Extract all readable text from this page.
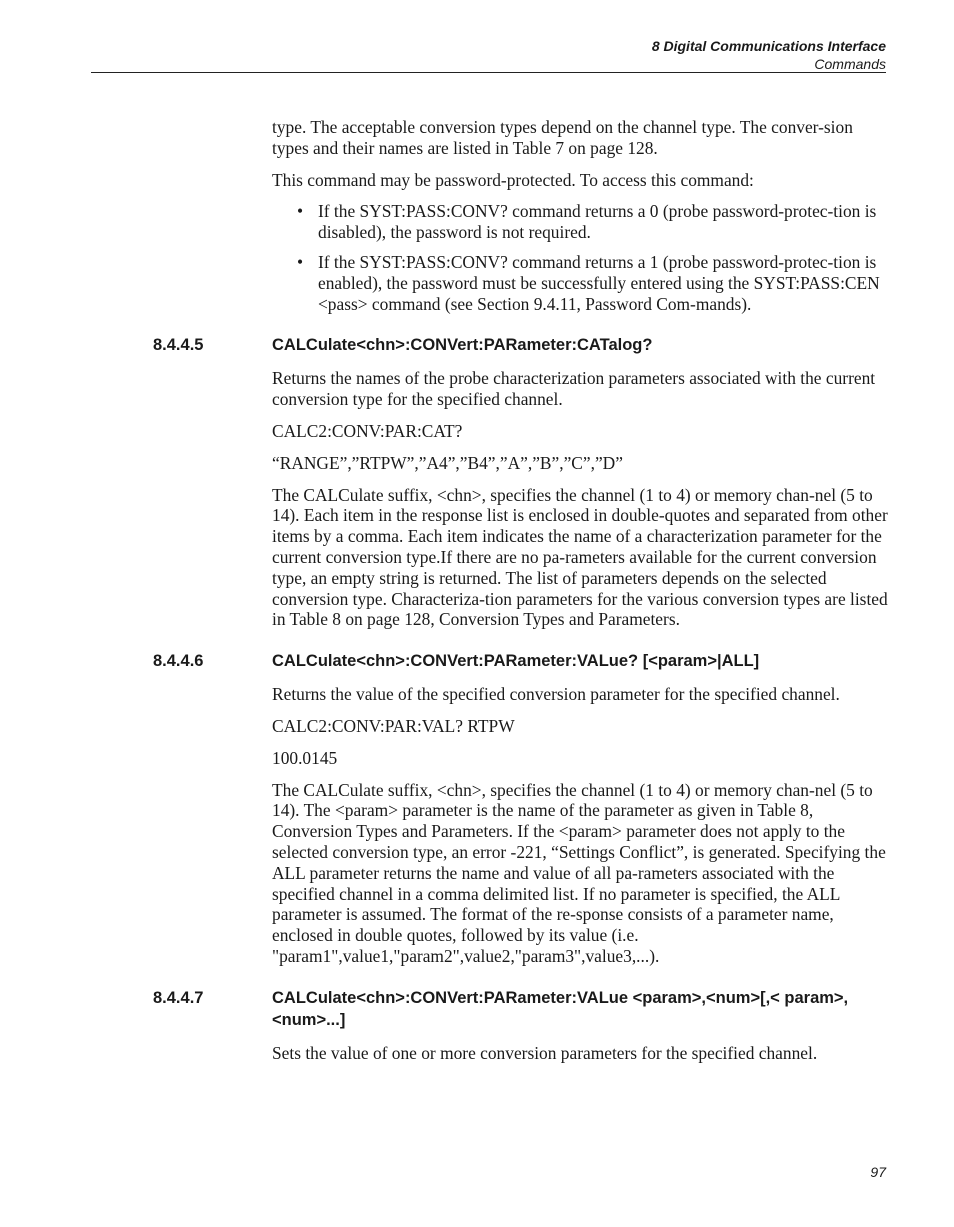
8 Digital Communications Interface
Commands

type. The acceptable conversion types depend on the channel type. The conver-sion types and their names are listed in Table 7 on page 128.

This command may be password-protected. To access this command:

• If the SYST:PASS:CONV? command returns a 0 (probe password-protec-tion is disabled), the password is not required.
• If the SYST:PASS:CONV? command returns a 1 (probe password-protec-tion is enabled), the password must be successfully entered using the SYST:PASS:CEN <pass> command (see Section 9.4.11, Password Com-mands).
8.4.4.5	CALCulate<chn>:CONVert:PARameter:CATalog?

Returns the names of the probe characterization parameters associated with the current conversion type for the specified channel.

CALC2:CONV:PAR:CAT?

“RANGE”,”RTPW”,”A4”,”B4”,”A”,”B”,”C”,”D”

The CALCulate suffix, <chn>, specifies the channel (1 to 4) or memory chan-nel (5 to 14). Each item in the response list is enclosed in double-quotes and separated from other items by a comma. Each item indicates the name of a characterization parameter for the current conversion type.If there are no pa-rameters available for the current conversion type, an empty string is returned. The list of parameters depends on the selected conversion type. Characteriza-tion parameters for the various conversion types are listed in Table 8 on page 128, Conversion Types and Parameters.

8.4.4.6	CALCulate<chn>:CONVert:PARameter:VALue? [<param>|ALL]

Returns the value of the specified conversion parameter for the specified channel.

CALC2:CONV:PAR:VAL? RTPW

100.0145

The CALCulate suffix, <chn>, specifies the channel (1 to 4) or memory chan-nel (5 to 14). The <param> parameter is the name of the parameter as given in Table 8, Conversion Types and Parameters. If the <param> parameter does not apply to the selected conversion type, an error -221, “Settings Conflict”, is generated. Specifying the ALL parameter returns the name and value of all pa-rameters associated with the specified channel in a comma delimited list. If no parameter is specified, the ALL parameter is assumed. The format of the re-sponse consists of a parameter name, enclosed in double quotes, followed by its value (i.e. "param1",value1,"param2",value2,"param3",value3,...).

8.4.4.7	CALCulate<chn>:CONVert:PARameter:VALue <param>,<num>[,< param>,<num>...]

Sets the value of one or more conversion parameters for the specified channel.

97
